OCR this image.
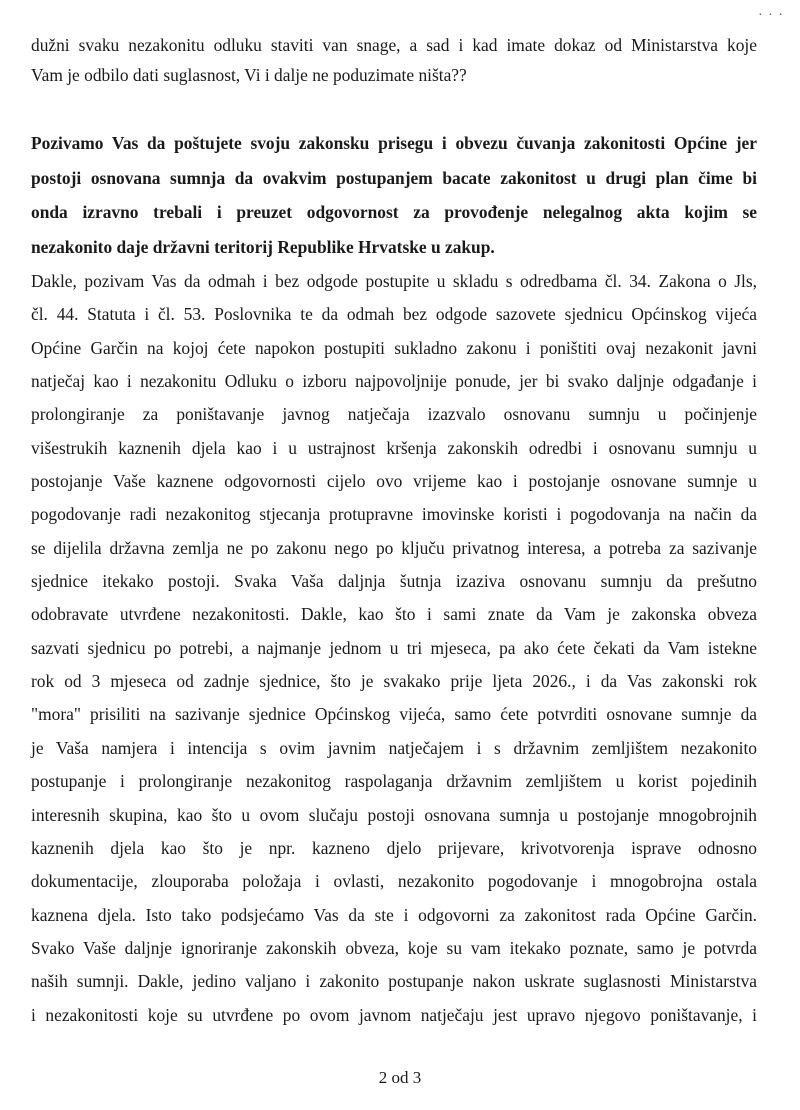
· · ·
dužni svaku nezakonitu odluku staviti van snage, a sad i kad imate dokaz od Ministarstva koje
Vam je odbilo dati suglasnost, Vi i dalje ne poduzimate ništa??
Pozivamo Vas da poštujete svoju zakonsku prisegu i obvezu čuvanja zakonitosti Općine jer
postoji osnovana sumnja da ovakvim postupanjem bacate zakonitost u drugi plan čime bi
onda izravno trebali i preuzet odgovornost za provođenje nelegalnog akta kojim se
nezakonito daje državni teritorij Republike Hrvatske u zakup.
Dakle, pozivam Vas da odmah i bez odgode postupite u skladu s odredbama čl. 34. Zakona o Jls,
čl. 44. Statuta i čl. 53. Poslovnika te da odmah bez odgode sazovete sjednicu Općinskog vijeća
Općine Garčin na kojoj ćete napokon postupiti sukladno zakonu i poništiti ovaj nezakonit javni
natječaj kao i nezakonitu Odluku o izboru najpovoljnije ponude, jer bi svako daljnje odgađanje i
prolongiranje za poništavanje javnog natječaja izazvalo osnovanu sumnju u počinjenje
višestrukih kaznenih djela kao i u ustrajnost kršenja zakonskih odredbi i osnovanu sumnju u
postojanje Vaše kaznene odgovornosti cijelo ovo vrijeme kao i postojanje osnovane sumnje u
pogodovanje radi nezakonitog stjecanja protupravne imovinske koristi i pogodovanja na način da
se dijelila državna zemlja ne po zakonu nego po ključu privatnog interesa, a potreba za sazivanje
sjednice itekako postoji. Svaka Vaša daljnja šutnja izaziva osnovanu sumnju da prešutno
odobravate utvrđene nezakonitosti. Dakle, kao što i sami znate da Vam je zakonska obveza
sazvati sjednicu po potrebi, a najmanje jednom u tri mjeseca, pa ako ćete čekati da Vam istekne
rok od 3 mjeseca od zadnje sjednice, što je svakako prije ljeta 2026., i da Vas zakonski rok
"mora" prisiliti na sazivanje sjednice Općinskog vijeća, samo ćete potvrditi osnovane sumnje da
je Vaša namjera i intencija s ovim javnim natječajem i s državnim zemljištem nezakonito
postupanje i prolongiranje nezakonitog raspolaganja državnim zemljištem u korist pojedinih
interesnih skupina, kao što u ovom slučaju postoji osnovana sumnja u postojanje mnogobrojnih
kaznenih djela kao što je npr. kazneno djelo prijevare, krivotvorenja isprave odnosno
dokumentacije, zlouporaba položaja i ovlasti, nezakonito pogodovanje i mnogobrojna ostala
kaznena djela. Isto tako podsjećamo Vas da ste i odgovorni za zakonitost rada Općine Garčin.
Svako Vaše daljnje ignoriranje zakonskih obveza, koje su vam itekako poznate, samo je potvrda
naših sumnji. Dakle, jedino valjano i zakonito postupanje nakon uskrate suglasnosti Ministarstva
i nezakonitosti koje su utvrđene po ovom javnom natječaju jest upravo njegovo poništavanje, i
2 od 3
